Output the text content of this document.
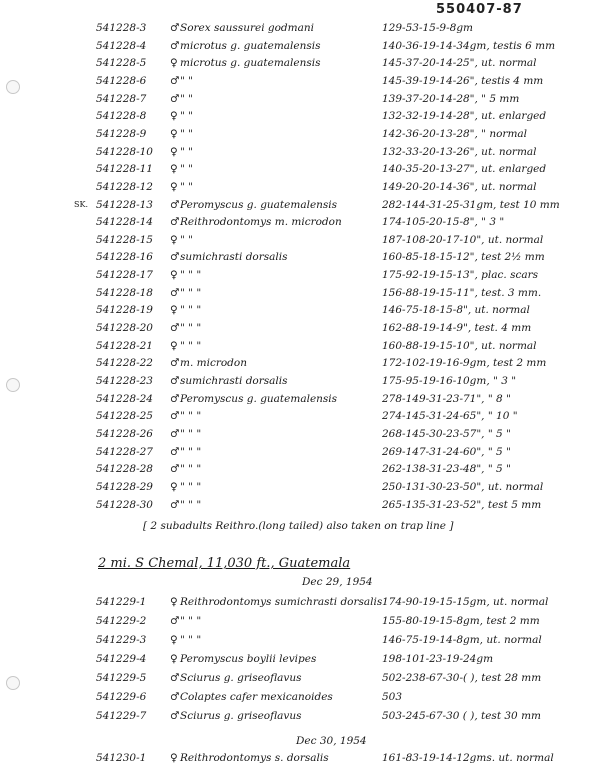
550407-87
541228-3 ♂ Sorex saussurei godmani	129-53-15-9-8gm
541228-4 ♂ microtus g. guatemalensis	140-36-19-14-34gm, testis 6 mm
541228-5 ♀ microtus g. guatemalensis	145-37-20-14-25", ut. normal
541228-6 ♂ " "	145-39-19-14-26", testis 4 mm
541228-7 ♂ " "	139-37-20-14-28", " 5 mm
541228-8 ♀ " "	132-32-19-14-28", ut. enlarged
541228-9 ♀ " "	142-36-20-13-28", " normal
541228-10 ♀ " "	132-33-20-13-26", ut. normal
541228-11 ♀ " "	140-35-20-13-27", ut. enlarged
541228-12 ♀ " "	149-20-20-14-36", ut. normal
SK. 541228-13 ♂ Peromyscus g. guatemalensis	282-144-31-25-31gm, test 10 mm
541228-14 ♂ Reithrodontomys m. microdon	174-105-20-15-8", " 3 "
541228-15 ♀ " "	187-108-20-17-10", ut. normal
541228-16 ♂ sumichrasti dorsalis	160-85-18-15-12", test 2½ mm
541228-17 ♀ " " "	175-92-19-15-13", plac. scars
541228-18 ♂ " " "	156-88-19-15-11", test. 3 mm.
541228-19 ♀ " " "	146-75-18-15-8", ut. normal
541228-20 ♂ " " "	162-88-19-14-9", test. 4 mm
541228-21 ♀ " " "	160-88-19-15-10", ut. normal
541228-22 ♂ m. microdon	172-102-19-16-9gm, test 2 mm
541228-23 ♂ sumichrasti dorsalis	175-95-19-16-10gm, " 3 "
541228-24 ♂ Peromyscus g. guatemalensis	278-149-31-23-71", " 8 "
541228-25 ♂ " " "	274-145-31-24-65", " 10 "
541228-26 ♂ " " "	268-145-30-23-57", " 5 "
541228-27 ♂ " " "	269-147-31-24-60", " 5 "
541228-28 ♂ " " "	262-138-31-23-48", " 5 "
541228-29 ♀ " " "	250-131-30-23-50", ut. normal
541228-30 ♂ " " "	265-135-31-23-52", test 5 mm
[ 2 subadults Reithro.(long tailed) also taken on trap line ]
2 mi. S Chemal, 11,030 ft., Guatemala
Dec 29, 1954
541229-1 ♀ Reithrodontomys sumichrasti dorsalis 174-90-19-15-15gm, ut. normal
541229-2 ♂ " " "	155-80-19-15-8gm, test 2 mm
541229-3 ♀ " " "	146-75-19-14-8gm, ut. normal
541229-4 ♀ Peromyscus boylii levipes	198-101-23-19-24gm
541229-5 ♂ Sciurus g. griseoflavus	502-238-67-30-( ), test 28 mm
541229-6 ♂ Colaptes cafer mexicanoides	503
541229-7 ♂ Sciurus g. griseoflavus	503-245-67-30 ( ), test 30 mm
Dec 30, 1954
541230-1 ♀ Reithrodontomys s. dorsalis	161-83-19-14-12gms. ut. normal
